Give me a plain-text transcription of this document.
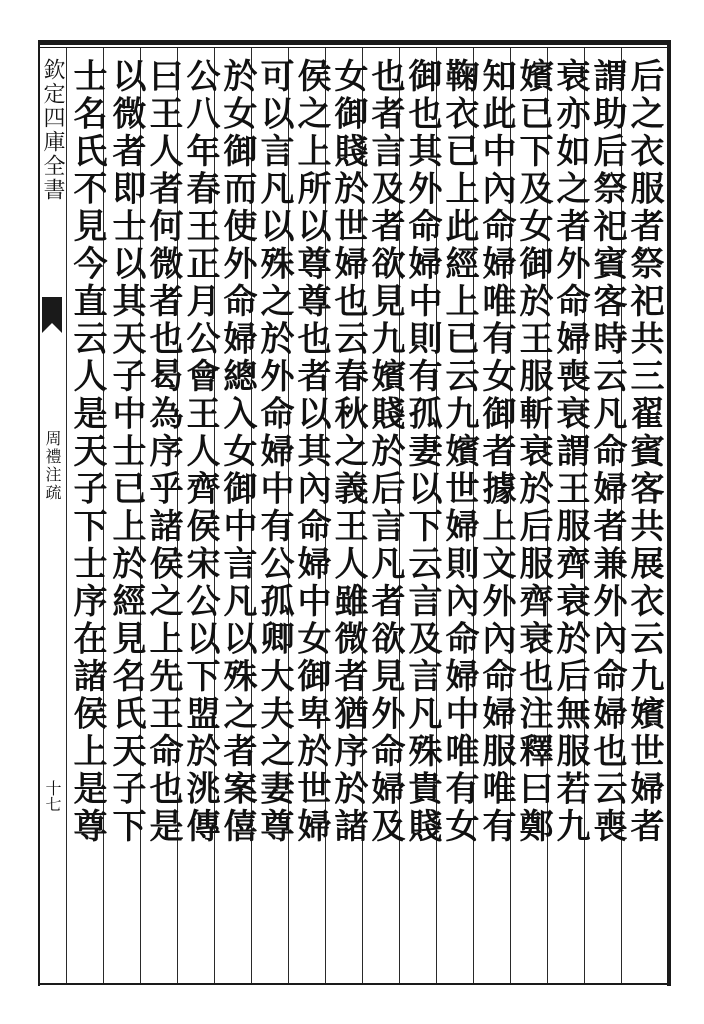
欽定四庫全書
周禮注疏
十七	后之衣服者祭祀共三翟賓客共展衣云九嬪世婦者
謂助后祭祀賓客時云凡命婦者兼外內命婦也云喪
衰亦如之者外命婦喪衰謂王服齊衰於后無服若九
嬪已下及女御於王服斬衰於后服齊衰也注釋曰鄭
知此中內命婦唯有女御者據上文外內命婦服唯有
鞠衣已上此經上已云九嬪世婦則內命婦中唯有女
御也其外命婦中則有孤妻以下云言及言凡殊貴賤
也者言及者欲見九嬪賤於后言凡者欲見外命婦及
女御賤於世婦也云春秋之義王人雖微者猶序於諸
侯之上所以尊尊也者以其內命婦中女御卑於世婦
可以言凡以殊之於外命婦中有公孤卿大夫之妻尊
於女御而使外命婦總入女御中言凡以殊之者案僖
公八年春王正月公會王人齊侯宋公以下盟於洮傳
曰王人者何微者也曷為序乎諸侯之上先王命也是
以微者即士以其天子中士已上於經見名氏天子下
士名氏不見今直云人是天子下士序在諸侯上是尊
